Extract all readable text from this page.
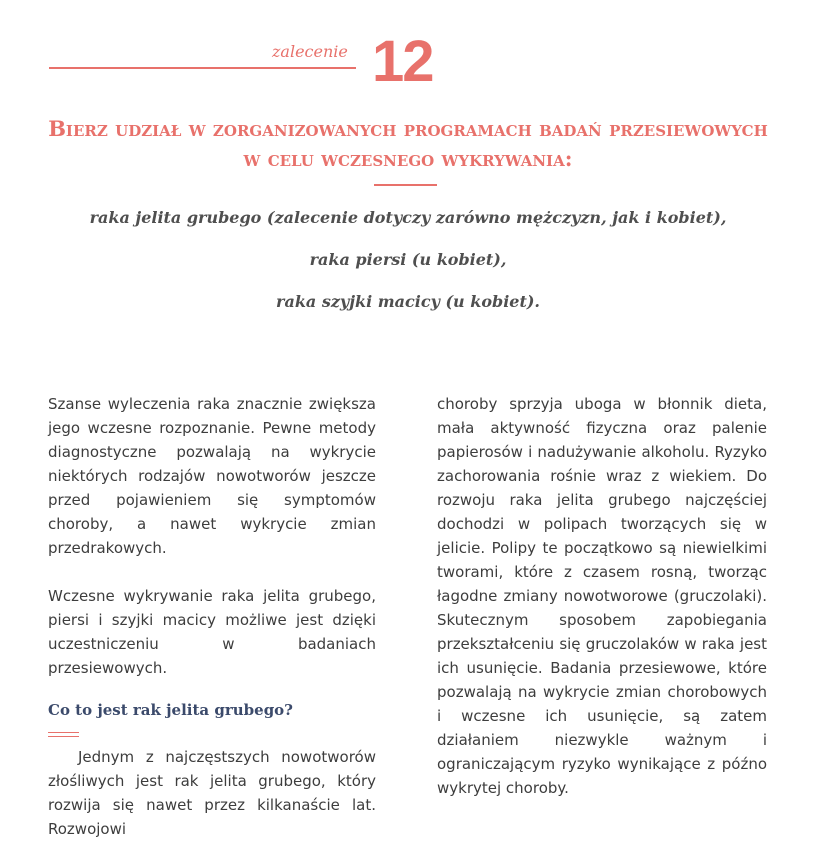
zalecenie 12
Bierz udział w zorganizowanych programach badań przesiewowych w celu wczesnego wykrywania:
raka jelita grubego (zalecenie dotyczy zarówno mężczyzn, jak i kobiet),
raka piersi (u kobiet),
raka szyjki macicy (u kobiet).

Szanse wyleczenia raka znacznie zwiększa jego wczesne rozpoznanie. Pewne metody diagnostyczne pozwalają na wykrycie niektórych rodzajów nowotworów jeszcze przed pojawieniem się symptomów choroby, a nawet wykrycie zmian przedrakowych.

Wczesne wykrywanie raka jelita grubego, piersi i szyjki macicy możliwe jest dzięki uczestniczeniu w badaniach przesiewowych.

Co to jest rak jelita grubego?

Jednym z najczęstszych nowotworów złośliwych jest rak jelita grubego, który rozwija się nawet przez kilkanaście lat. Rozwojowi

choroby sprzyja uboga w błonnik dieta, mała aktywność fizyczna oraz palenie papierosów i nadużywanie alkoholu. Ryzyko zachorowania rośnie wraz z wiekiem. Do rozwoju raka jelita grubego najczęściej dochodzi w polipach tworzących się w jelicie. Polipy te początkowo są niewielkimi tworami, które z czasem rosną, tworząc łagodne zmiany nowotworowe (gruczolaki). Skutecznym sposobem zapobiegania przekształceniu się gruczolaków w raka jest ich usunięcie. Badania przesiewowe, które pozwalają na wykrycie zmian chorobowych i wczesne ich usunięcie, są zatem działaniem niezwykle ważnym i ograniczającym ryzyko wynikające z późno wykrytej choroby.
